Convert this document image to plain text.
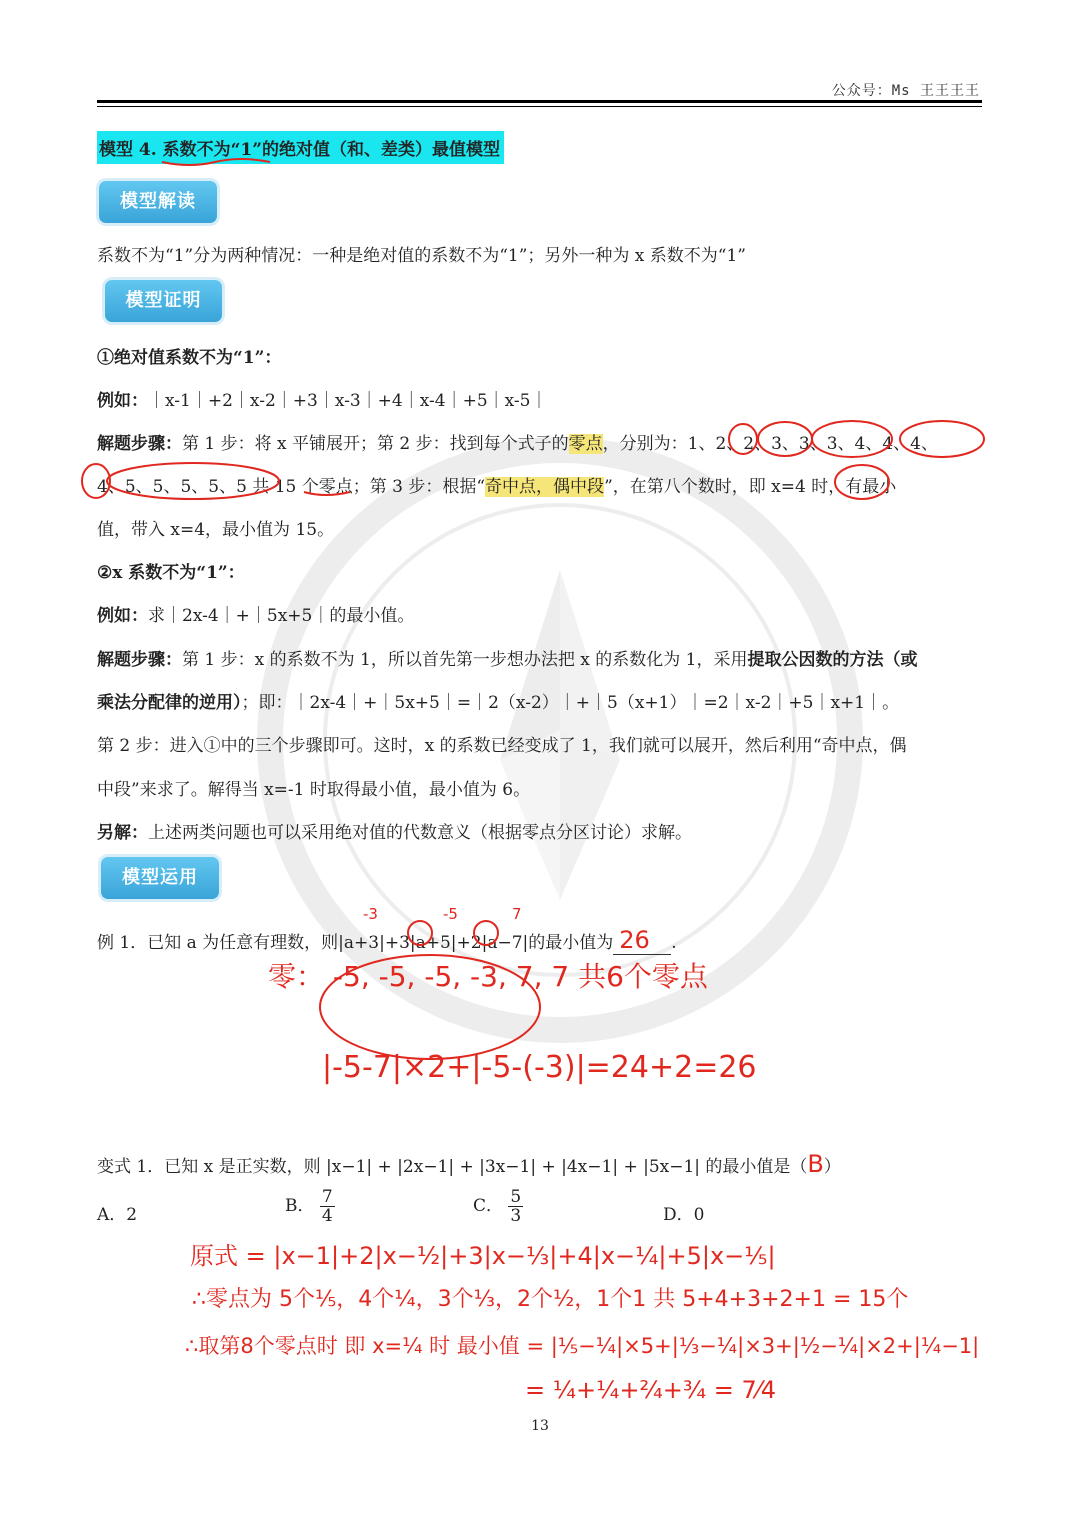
公众号：Ms 王王王王
模型 4. 系数不为“1”的绝对值（和、差类）最值模型
模型解读
系数不为“1”分为两种情况：一种是绝对值的系数不为“1”；另外一种为 x 系数不为“1”
模型证明
①绝对值系数不为“1”：
例如：｜x-1｜+2｜x-2｜+3｜x-3｜+4｜x-4｜+5｜x-5｜
解题步骤：第 1 步：将 x 平铺展开；第 2 步：找到每个式子的零点，分别为：1、2、2、3、3、3、4、4、4、
4、5、5、5、5、5 共 15 个零点；第 3 步：根据“奇中点，偶中段”，在第八个数时，即 x=4 时，有最小
值，带入 x=4，最小值为 15。
②x 系数不为“1”：
例如：求｜2x-4｜+｜5x+5｜的最小值。
解题步骤：第 1 步：x 的系数不为 1，所以首先第一步想办法把 x 的系数化为 1，采用提取公因数的方法（或
乘法分配律的逆用）；即：｜2x-4｜+｜5x+5｜=｜2（x-2）｜+｜5（x+1）｜=2｜x-2｜+5｜x+1｜。
第 2 步：进入①中的三个步骤即可。这时，x 的系数已经变成了 1，我们就可以展开，然后利用“奇中点，偶
中段”来求了。解得当 x=-1 时取得最小值，最小值为 6。
另解：上述两类问题也可以采用绝对值的代数意义（根据零点分区讨论）求解。
模型运用
例 1．已知 a 为任意有理数，则|a+3|+3|a+5|+2|a−7|的最小值为 26 .
-3	-5	7
零： -5, -5, -5, -3, 7, 7 共6个零点
|-5-7|×2+|-5-(-3)|=24+2=26
变式 1．已知 x 是正实数，则 |x−1| + |2x−1| + |3x−1| + |4x−1| + |5x−1| 的最小值是（B）
A．2	B． $\frac{7}{4}$	C． $\frac{5}{3}$	D．0
原式 = |x−1|+2|x−½|+3|x−⅓|+4|x−¼|+5|x−⅕|
∴零点为 5个⅕，4个¼，3个⅓，2个½，1个1 共 5+4+3+2+1 = 15个
∴取第8个零点时 即 x=¼ 时 最小值 = |⅕−¼|×5+|⅓−¼|×3+|½−¼|×2+|¼−1|
= ¼+¼+²⁄₄+¾ = 7⁄4
13
